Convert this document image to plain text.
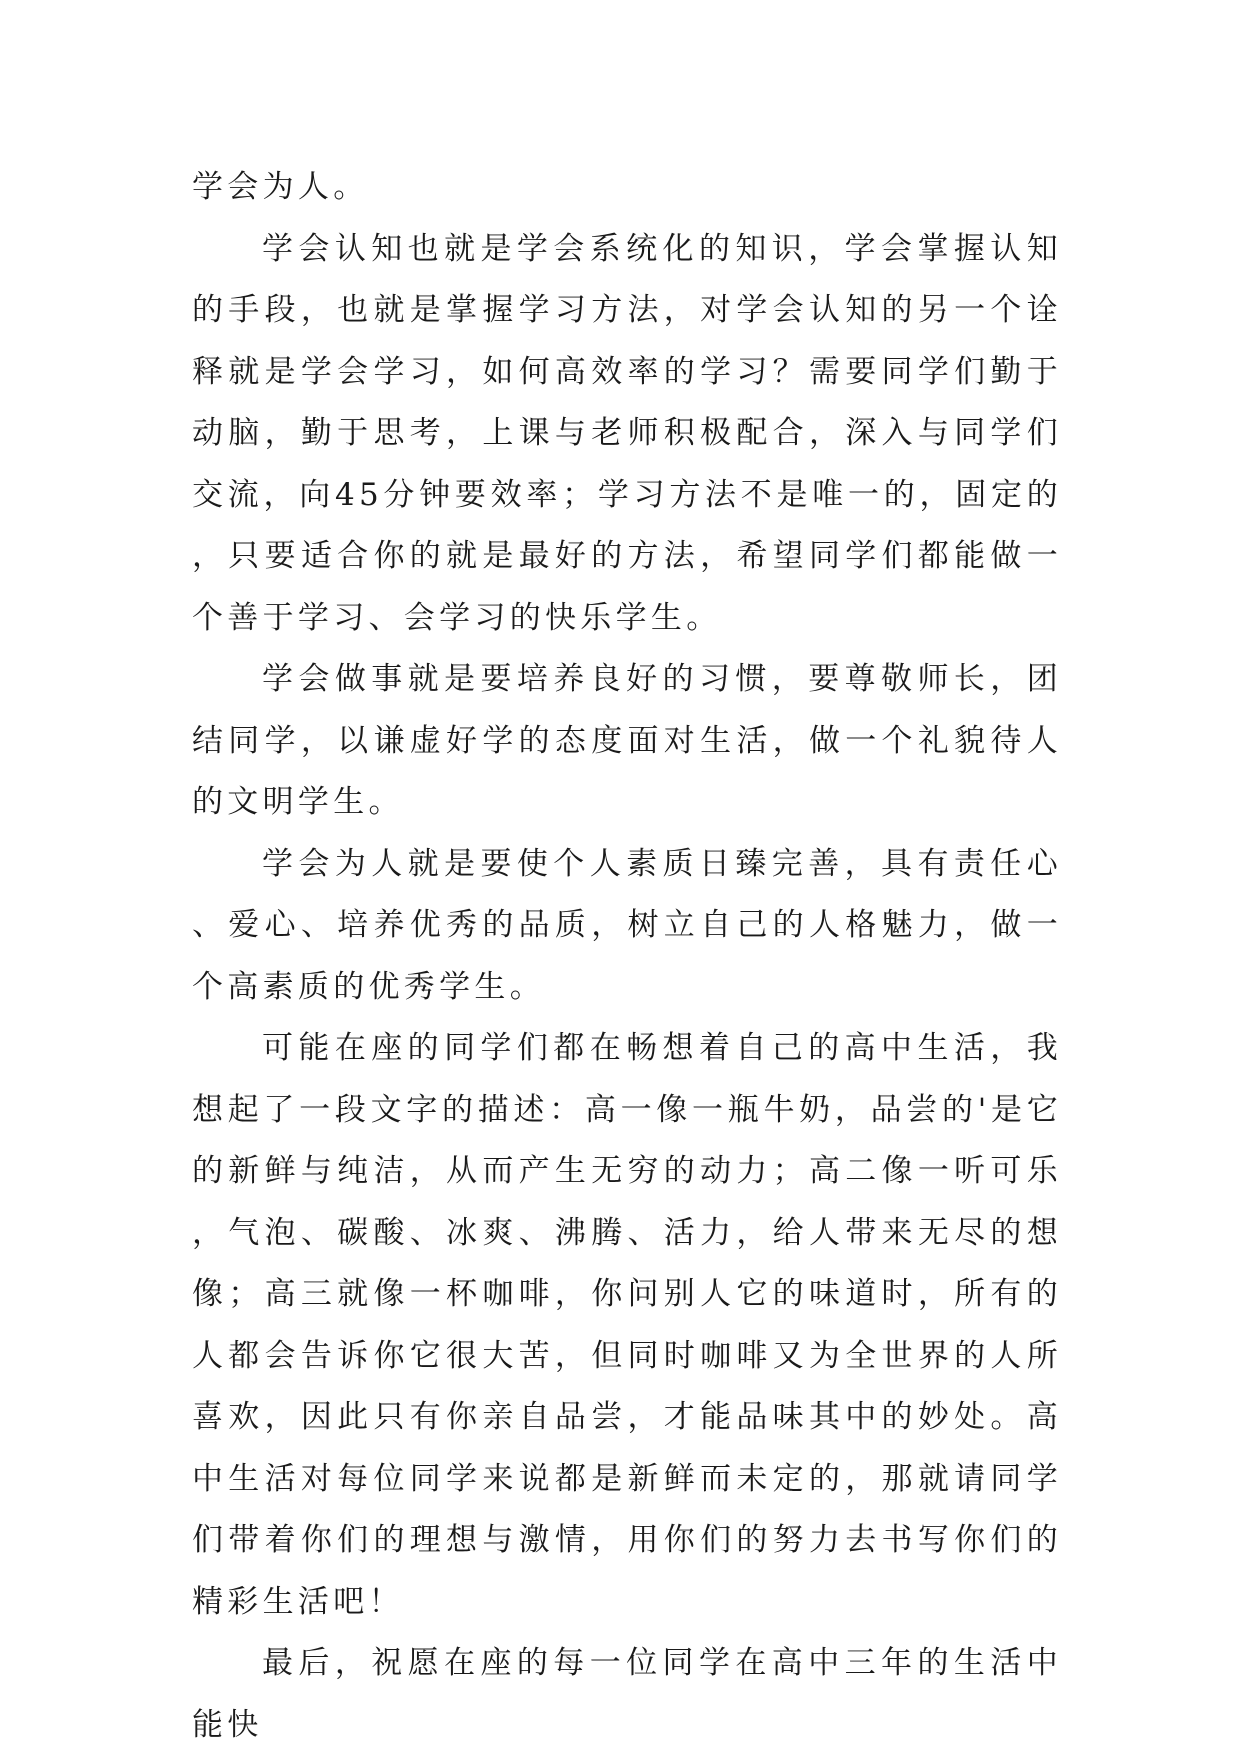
学会为人。

学会认知也就是学会系统化的知识，学会掌握认知的手段，也就是掌握学习方法，对学会认知的另一个诠释就是学会学习，如何高效率的学习？需要同学们勤于动脑，勤于思考，上课与老师积极配合，深入与同学们交流，向45分钟要效率；学习方法不是唯一的，固定的，只要适合你的就是最好的方法，希望同学们都能做一个善于学习、会学习的快乐学生。

学会做事就是要培养良好的习惯，要尊敬师长，团结同学，以谦虚好学的态度面对生活，做一个礼貌待人的文明学生。

学会为人就是要使个人素质日臻完善，具有责任心、爱心、培养优秀的品质，树立自己的人格魅力，做一个高素质的优秀学生。

可能在座的同学们都在畅想着自己的高中生活，我想起了一段文字的描述：高一像一瓶牛奶，品尝的'是它的新鲜与纯洁，从而产生无穷的动力；高二像一听可乐，气泡、碳酸、冰爽、沸腾、活力，给人带来无尽的想像；高三就像一杯咖啡，你问别人它的味道时，所有的人都会告诉你它很大苦，但同时咖啡又为全世界的人所喜欢，因此只有你亲自品尝，才能品味其中的妙处。高中生活对每位同学来说都是新鲜而未定的，那就请同学们带着你们的理想与激情，用你们的努力去书写你们的精彩生活吧！

最后，祝愿在座的每一位同学在高中三年的生活中能快
